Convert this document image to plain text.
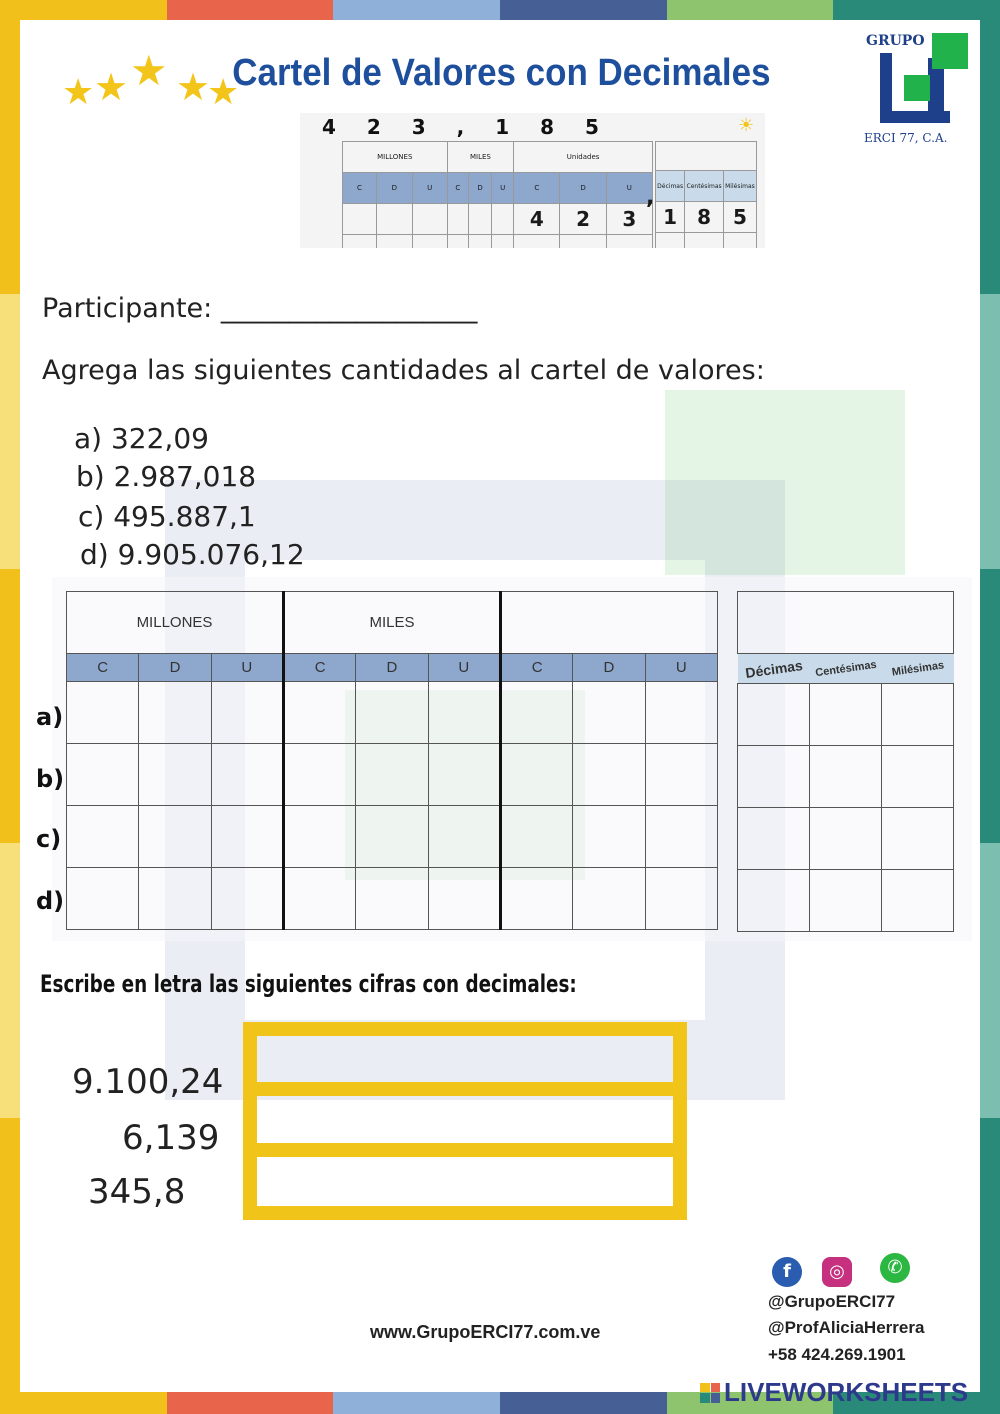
★ ★ ★ ★
★
Cartel de Valores con Decimales
GRUPO
ERCI 77, C.A.
4 2 3 , 1 8 5	☀
MILLONES			MILES			Unidades		
C	D	U	C	D	U	C	D	U
						4	2	3

, Décimas	Centésimas	Milésimas
1	8	5

Participante: ___________________
Agrega las siguientes cantidades al cartel de valores:
a) 322,09
b) 2.987,018
c) 495.887,1
d) 9.905.076,12
MILLONES			MILES					
C	D	U	C	D	U	C	D	U

									Décimas	Centésimas	Milésimas

a)
b)
c)
d)
Escribe en letra las siguientes cifras con decimales:
9.100,24
6,139
345,8
www.GrupoERCI77.com.ve
f	◎	✆
@GrupoERCI77
@ProfAliciaHerrera
+58 424.269.1901
LIVEWORKSHEETS
